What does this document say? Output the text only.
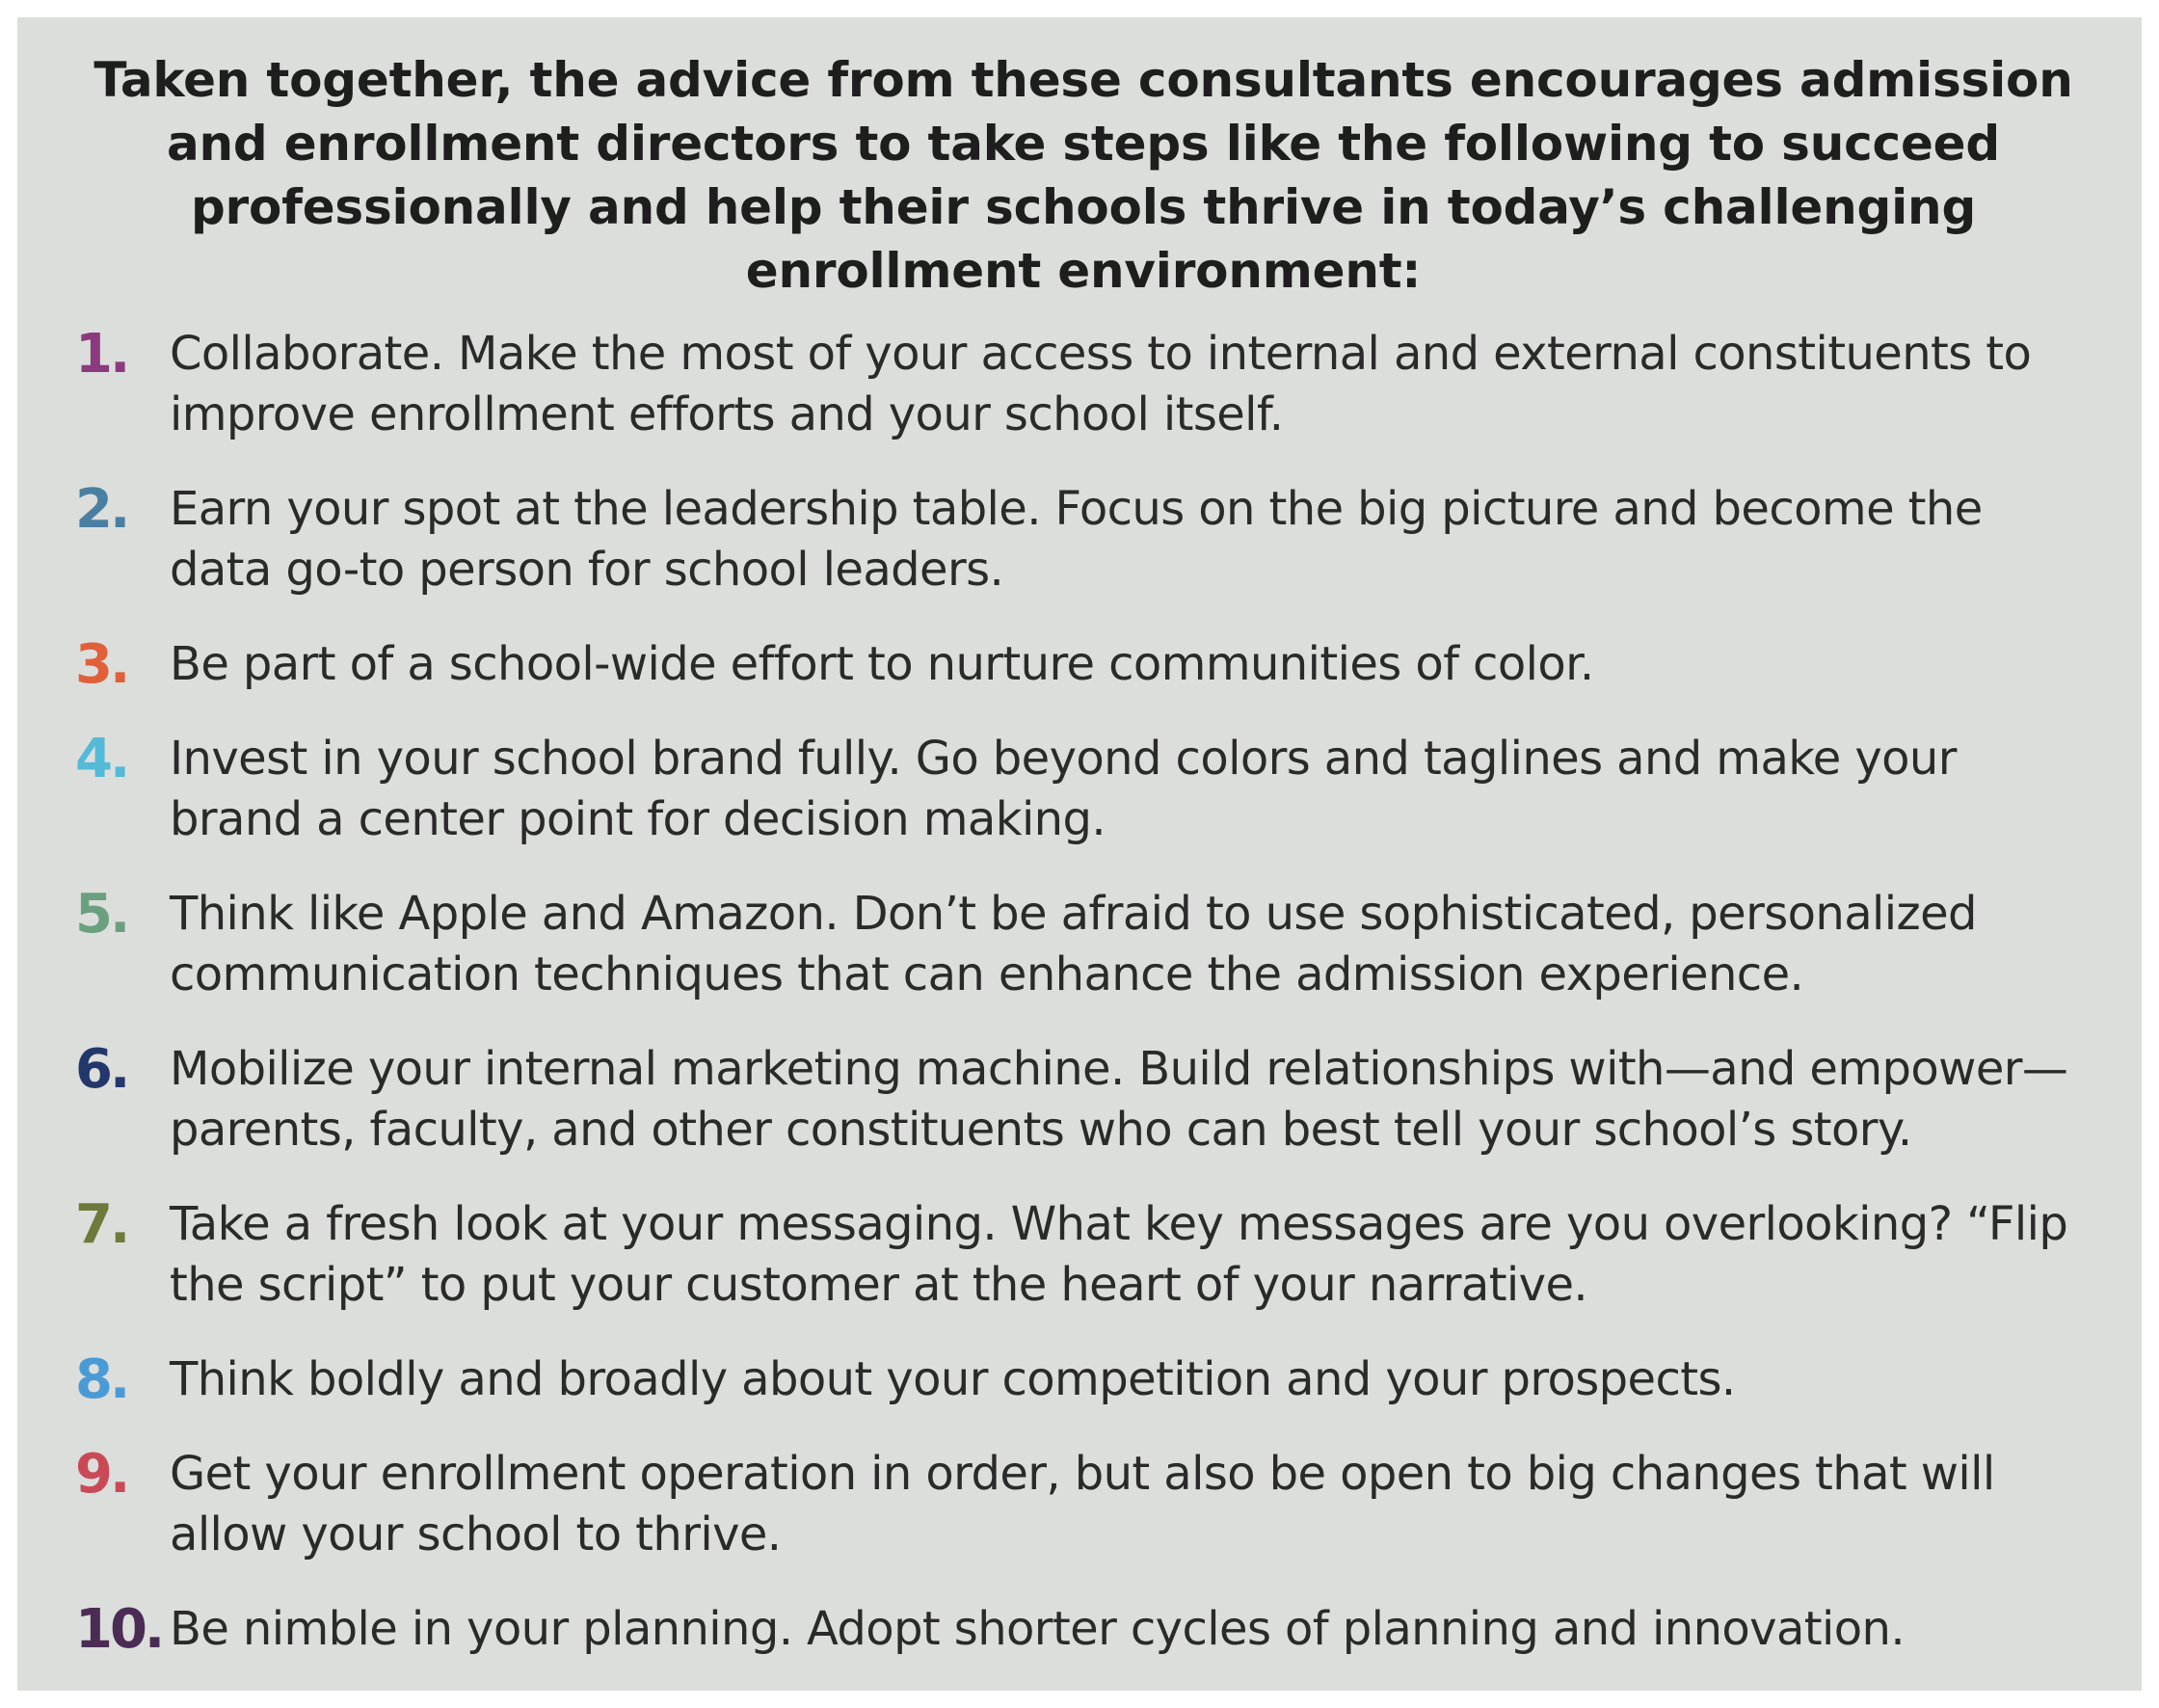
Taken together, the advice from these consultants encourages admission and enrollment directors to take steps like the following to succeed professionally and help their schools thrive in today’s challenging enrollment environment:

1. Collaborate. Make the most of your access to internal and external constituents to improve enrollment efforts and your school itself.
2. Earn your spot at the leadership table. Focus on the big picture and become the data go-to person for school leaders.
3. Be part of a school-wide effort to nurture communities of color.
4. Invest in your school brand fully. Go beyond colors and taglines and make your brand a center point for decision making.
5. Think like Apple and Amazon. Don’t be afraid to use sophisticated, personalized communication techniques that can enhance the admission experience.
6. Mobilize your internal marketing machine. Build relationships with—and empower—parents, faculty, and other constituents who can best tell your school’s story.
7. Take a fresh look at your messaging. What key messages are you overlooking? “Flip the script” to put your customer at the heart of your narrative.
8. Think boldly and broadly about your competition and your prospects.
9. Get your enrollment operation in order, but also be open to big changes that will allow your school to thrive.
10. Be nimble in your planning. Adopt shorter cycles of planning and innovation.
